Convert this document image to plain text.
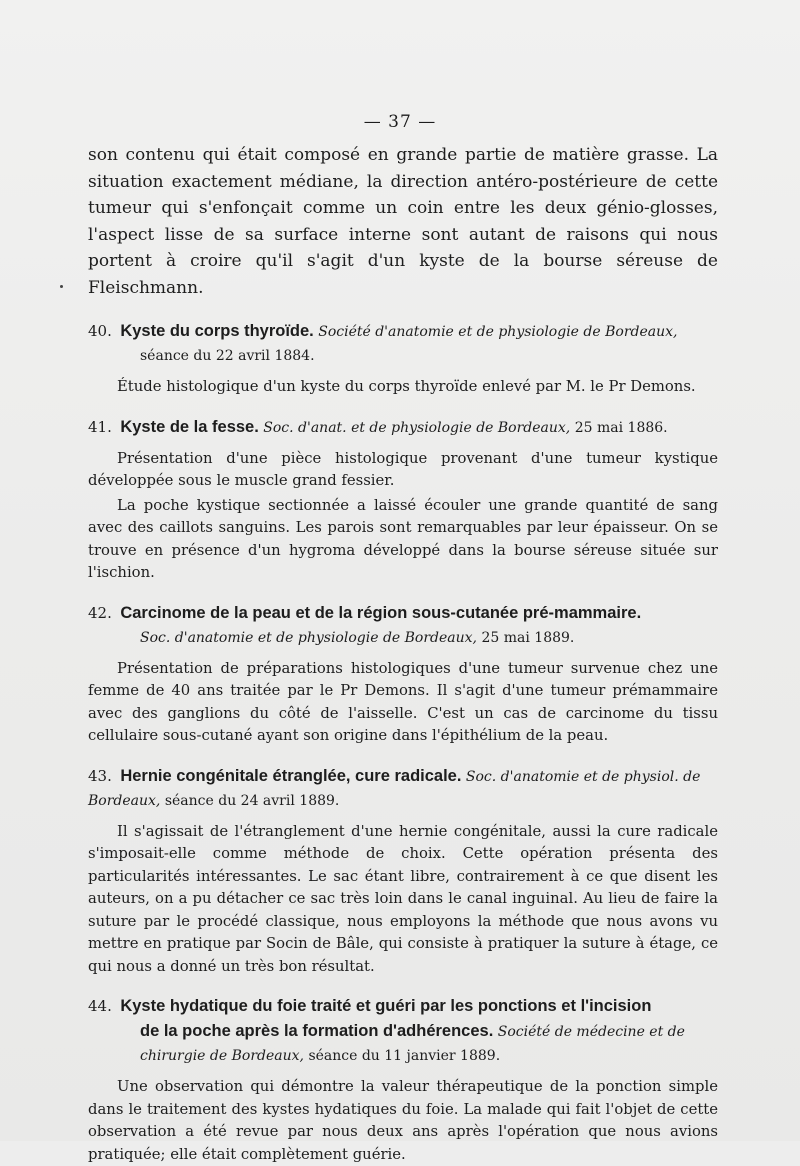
— 37 —

son contenu qui était composé en grande partie de matière grasse. La situation exactement médiane, la direction antéro-postérieure de cette tumeur qui s'enfonçait comme un coin entre les deux génio-glosses, l'aspect lisse de sa surface interne sont autant de raisons qui nous portent à croire qu'il s'agit d'un kyste de la bourse séreuse de Fleischmann.

40. Kyste du corps thyroïde. Société d'anatomie et de physiologie de Bordeaux,
séance du 22 avril 1884.

Étude histologique d'un kyste du corps thyroïde enlevé par M. le Pr Demons.

41. Kyste de la fesse. Soc. d'anat. et de physiologie de Bordeaux, 25 mai 1886.

Présentation d'une pièce histologique provenant d'une tumeur kystique développée sous le muscle grand fessier.

La poche kystique sectionnée a laissé écouler une grande quantité de sang avec des caillots sanguins. Les parois sont remarquables par leur épaisseur. On se trouve en présence d'un hygroma développé dans la bourse séreuse située sur l'ischion.

42. Carcinome de la peau et de la région sous-cutanée pré-mammaire.
Soc. d'anatomie et de physiologie de Bordeaux, 25 mai 1889.

Présentation de préparations histologiques d'une tumeur survenue chez une femme de 40 ans traitée par le Pr Demons. Il s'agit d'une tumeur prémammaire avec des ganglions du côté de l'aisselle. C'est un cas de carcinome du tissu cellulaire sous-cutané ayant son origine dans l'épithélium de la peau.

43. Hernie congénitale étranglée, cure radicale. Soc. d'anatomie et de physiol. de Bordeaux, séance du 24 avril 1889.

Il s'agissait de l'étranglement d'une hernie congénitale, aussi la cure radicale s'imposait-elle comme méthode de choix. Cette opération présenta des particularités intéressantes. Le sac étant libre, contrairement à ce que disent les auteurs, on a pu détacher ce sac très loin dans le canal inguinal. Au lieu de faire la suture par le procédé classique, nous employons la méthode que nous avons vu mettre en pratique par Socin de Bâle, qui consiste à pratiquer la suture à étage, ce qui nous a donné un très bon résultat.

44. Kyste hydatique du foie traité et guéri par les ponctions et l'incision
de la poche après la formation d'adhérences. Société de médecine et de chirurgie de Bordeaux, séance du 11 janvier 1889.

Une observation qui démontre la valeur thérapeutique de la ponction simple dans le traitement des kystes hydatiques du foie. La malade qui fait l'objet de cette observation a été revue par nous deux ans après l'opération que nous avions pratiquée; elle était complètement guérie.
